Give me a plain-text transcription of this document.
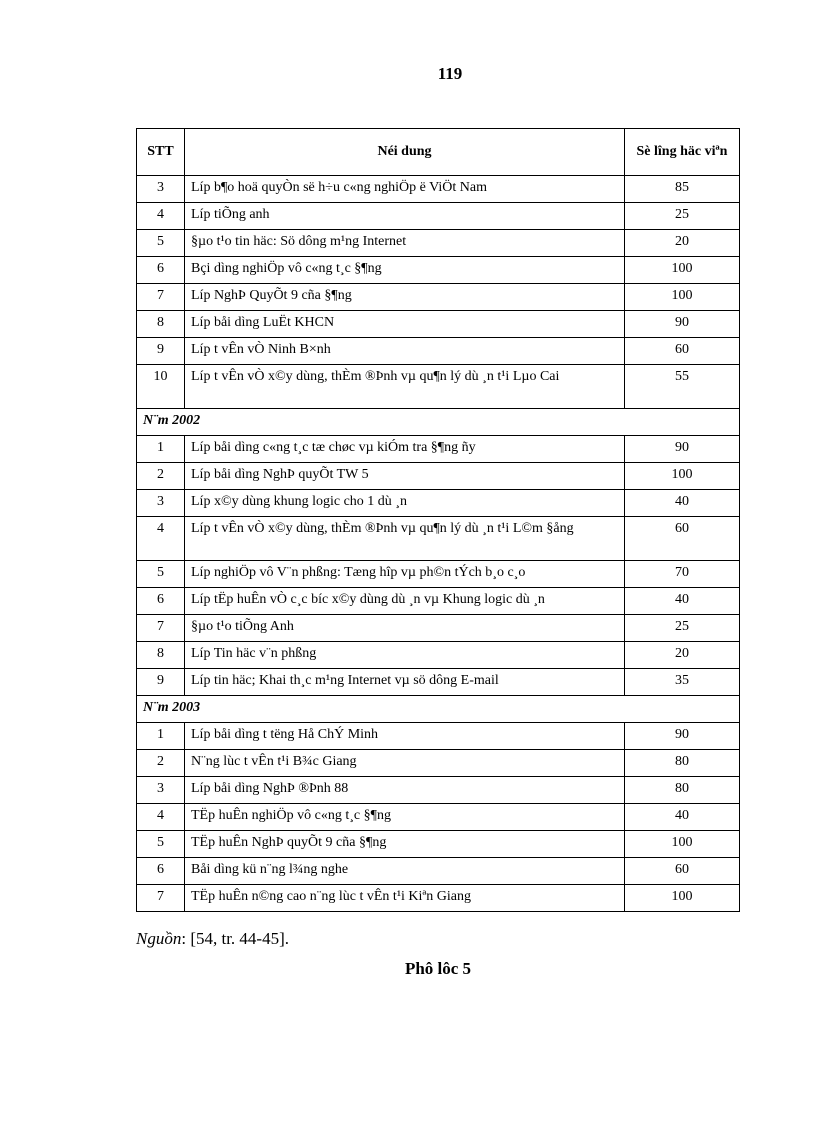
119
STT	Néi dung	Sè lîng häc viªn
3	Líp b¶o hoä quyÒn së h÷u c«ng nghiÖp ë ViÖt Nam	85
4	Líp tiÕng anh	25
5	§µo t¹o tin häc: Sö dông m¹ng Internet	20
6	Bçi dìng nghiÖp vô c«ng t¸c §¶ng	100
7	Líp NghÞ QuyÕt 9 cña §¶ng	100
8	Líp båi dìng LuËt KHCN	90
9	Líp t vÊn vÒ Ninh B×nh	60
10	Líp t vÊn vÒ x©y dùng, thÈm ®Þnh vµ qu¶n lý dù ¸n t¹i Lµo Cai	55
N¨m 2002		
1	Líp båi dìng c«ng t¸c tæ chøc vµ kiÓm tra §¶ng ñy	90
2	Líp båi dìng NghÞ quyÕt TW 5	100
3	Líp x©y dùng khung logic cho 1 dù ¸n	40
4	Líp t vÊn vÒ x©y dùng, thÈm ®Þnh vµ qu¶n lý dù ¸n t¹i L©m §ång	60
5	Líp nghiÖp vô V¨n phßng: Tæng hîp vµ ph©n tÝch b¸o c¸o	70
6	Líp tËp huÊn vÒ c¸c bíc x©y dùng dù ¸n vµ Khung logic dù ¸n	40
7	§µo t¹o tiÕng Anh	25
8	Líp Tin häc v¨n phßng	20
9	Líp tin häc; Khai th¸c m¹ng Internet vµ sö dông E-mail	35
N¨m 2003		
1	Líp båi dìng t tëng Hå ChÝ Minh	90
2	N¨ng lùc t vÊn t¹i B¾c Giang	80
3	Líp båi dìng NghÞ ®Þnh 88	80
4	TËp huÊn nghiÖp vô c«ng t¸c §¶ng	40
5	TËp huÊn NghÞ quyÕt 9 cña §¶ng	100
6	Båi dìng kü n¨ng l¾ng nghe	60
7	TËp huÊn n©ng cao n¨ng lùc t vÊn t¹i Kiªn Giang	100
Nguồn: [54, tr. 44-45].
Phô lôc 5
